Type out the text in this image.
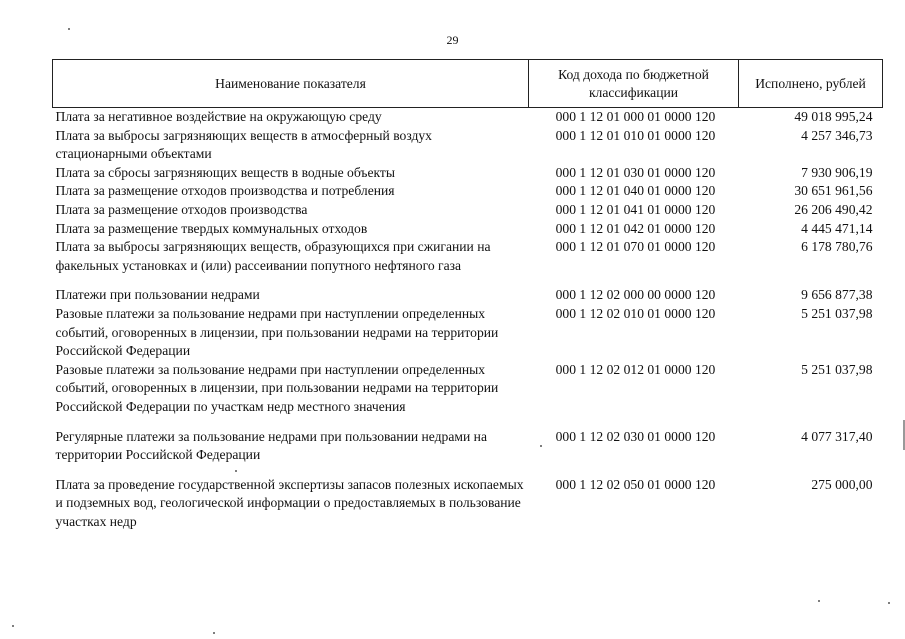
29
Наименование показателя	Код дохода по бюджетной классификации	Исполнено, рублей
Плата за негативное воздействие на окружающую среду	000 1 12 01 000 01 0000 120	49 018 995,24
Плата за выбросы загрязняющих веществ в атмосферный воздух стационарными объектами	000 1 12 01 010 01 0000 120	4 257 346,73
Плата за сбросы загрязняющих веществ в водные объекты	000 1 12 01 030 01 0000 120	7 930 906,19
Плата за размещение отходов производства и потребления	000 1 12 01 040 01 0000 120	30 651 961,56
Плата за размещение отходов производства	000 1 12 01 041 01 0000 120	26 206 490,42
Плата за размещение твердых коммунальных отходов	000 1 12 01 042 01 0000 120	4 445 471,14
Плата за выбросы загрязняющих веществ, образующихся при сжигании на факельных установках и (или) рассеивании попутного нефтяного газа	000 1 12 01 070 01 0000 120	6 178 780,76
Платежи при пользовании недрами	000 1 12 02 000 00 0000 120	9 656 877,38
Разовые платежи за пользование недрами при наступлении определенных событий, оговоренных в лицензии, при пользовании недрами на территории Российской Федерации	000 1 12 02 010 01 0000 120	5 251 037,98
Разовые платежи за пользование недрами при наступлении определенных событий, оговоренных в лицензии, при пользовании недрами на территории Российской Федерации по участкам недр местного значения	000 1 12 02 012 01 0000 120	5 251 037,98
Регулярные платежи за пользование недрами при пользовании недрами на территории Российской Федерации	000 1 12 02 030 01 0000 120	4 077 317,40
Плата за проведение государственной экспертизы запасов полезных ископаемых и подземных вод, геологической информации о предоставляемых в пользование участках недр	000 1 12 02 050 01 0000 120	275 000,00
